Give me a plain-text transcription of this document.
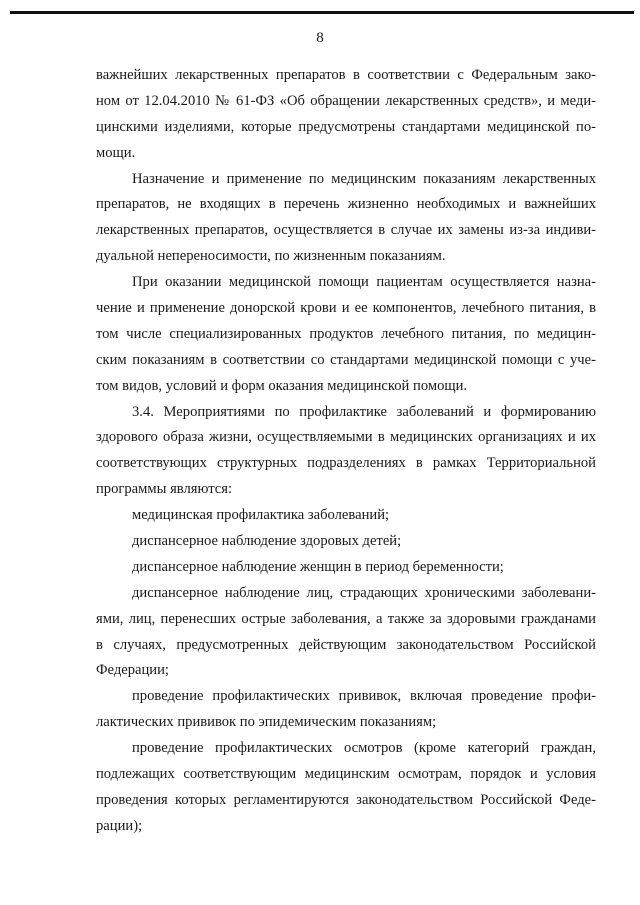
8
важнейших лекарственных препаратов в соответствии с Федеральным зако-
ном от 12.04.2010 № 61-ФЗ «Об обращении лекарственных средств», и меди-
цинскими изделиями, которые предусмотрены стандартами медицинской по-
мощи.
Назначение и применение по медицинским показаниям лекарственных
препаратов, не входящих в перечень жизненно необходимых и важнейших
лекарственных препаратов, осуществляется в случае их замены из-за индиви-
дуальной непереносимости, по жизненным показаниям.
При оказании медицинской помощи пациентам осуществляется назна-
чение и применение донорской крови и ее компонентов, лечебного питания, в
том числе специализированных продуктов лечебного питания, по медицин-
ским показаниям в соответствии со стандартами медицинской помощи с уче-
том видов, условий и форм оказания медицинской помощи.
3.4. Мероприятиями по профилактике заболеваний и формированию
здорового образа жизни, осуществляемыми в медицинских организациях и их
соответствующих структурных подразделениях в рамках Территориальной
программы являются:
медицинская профилактика заболеваний;
диспансерное наблюдение здоровых детей;
диспансерное наблюдение женщин в период беременности;
диспансерное наблюдение лиц, страдающих хроническими заболевани-
ями, лиц, перенесших острые заболевания, а также за здоровыми гражданами
в случаях, предусмотренных действующим законодательством Российской
Федерации;
проведение профилактических прививок, включая проведение профи-
лактических прививок по эпидемическим показаниям;
проведение профилактических осмотров (кроме категорий граждан,
подлежащих соответствующим медицинским осмотрам, порядок и условия
проведения которых регламентируются законодательством Российской Феде-
рации);
